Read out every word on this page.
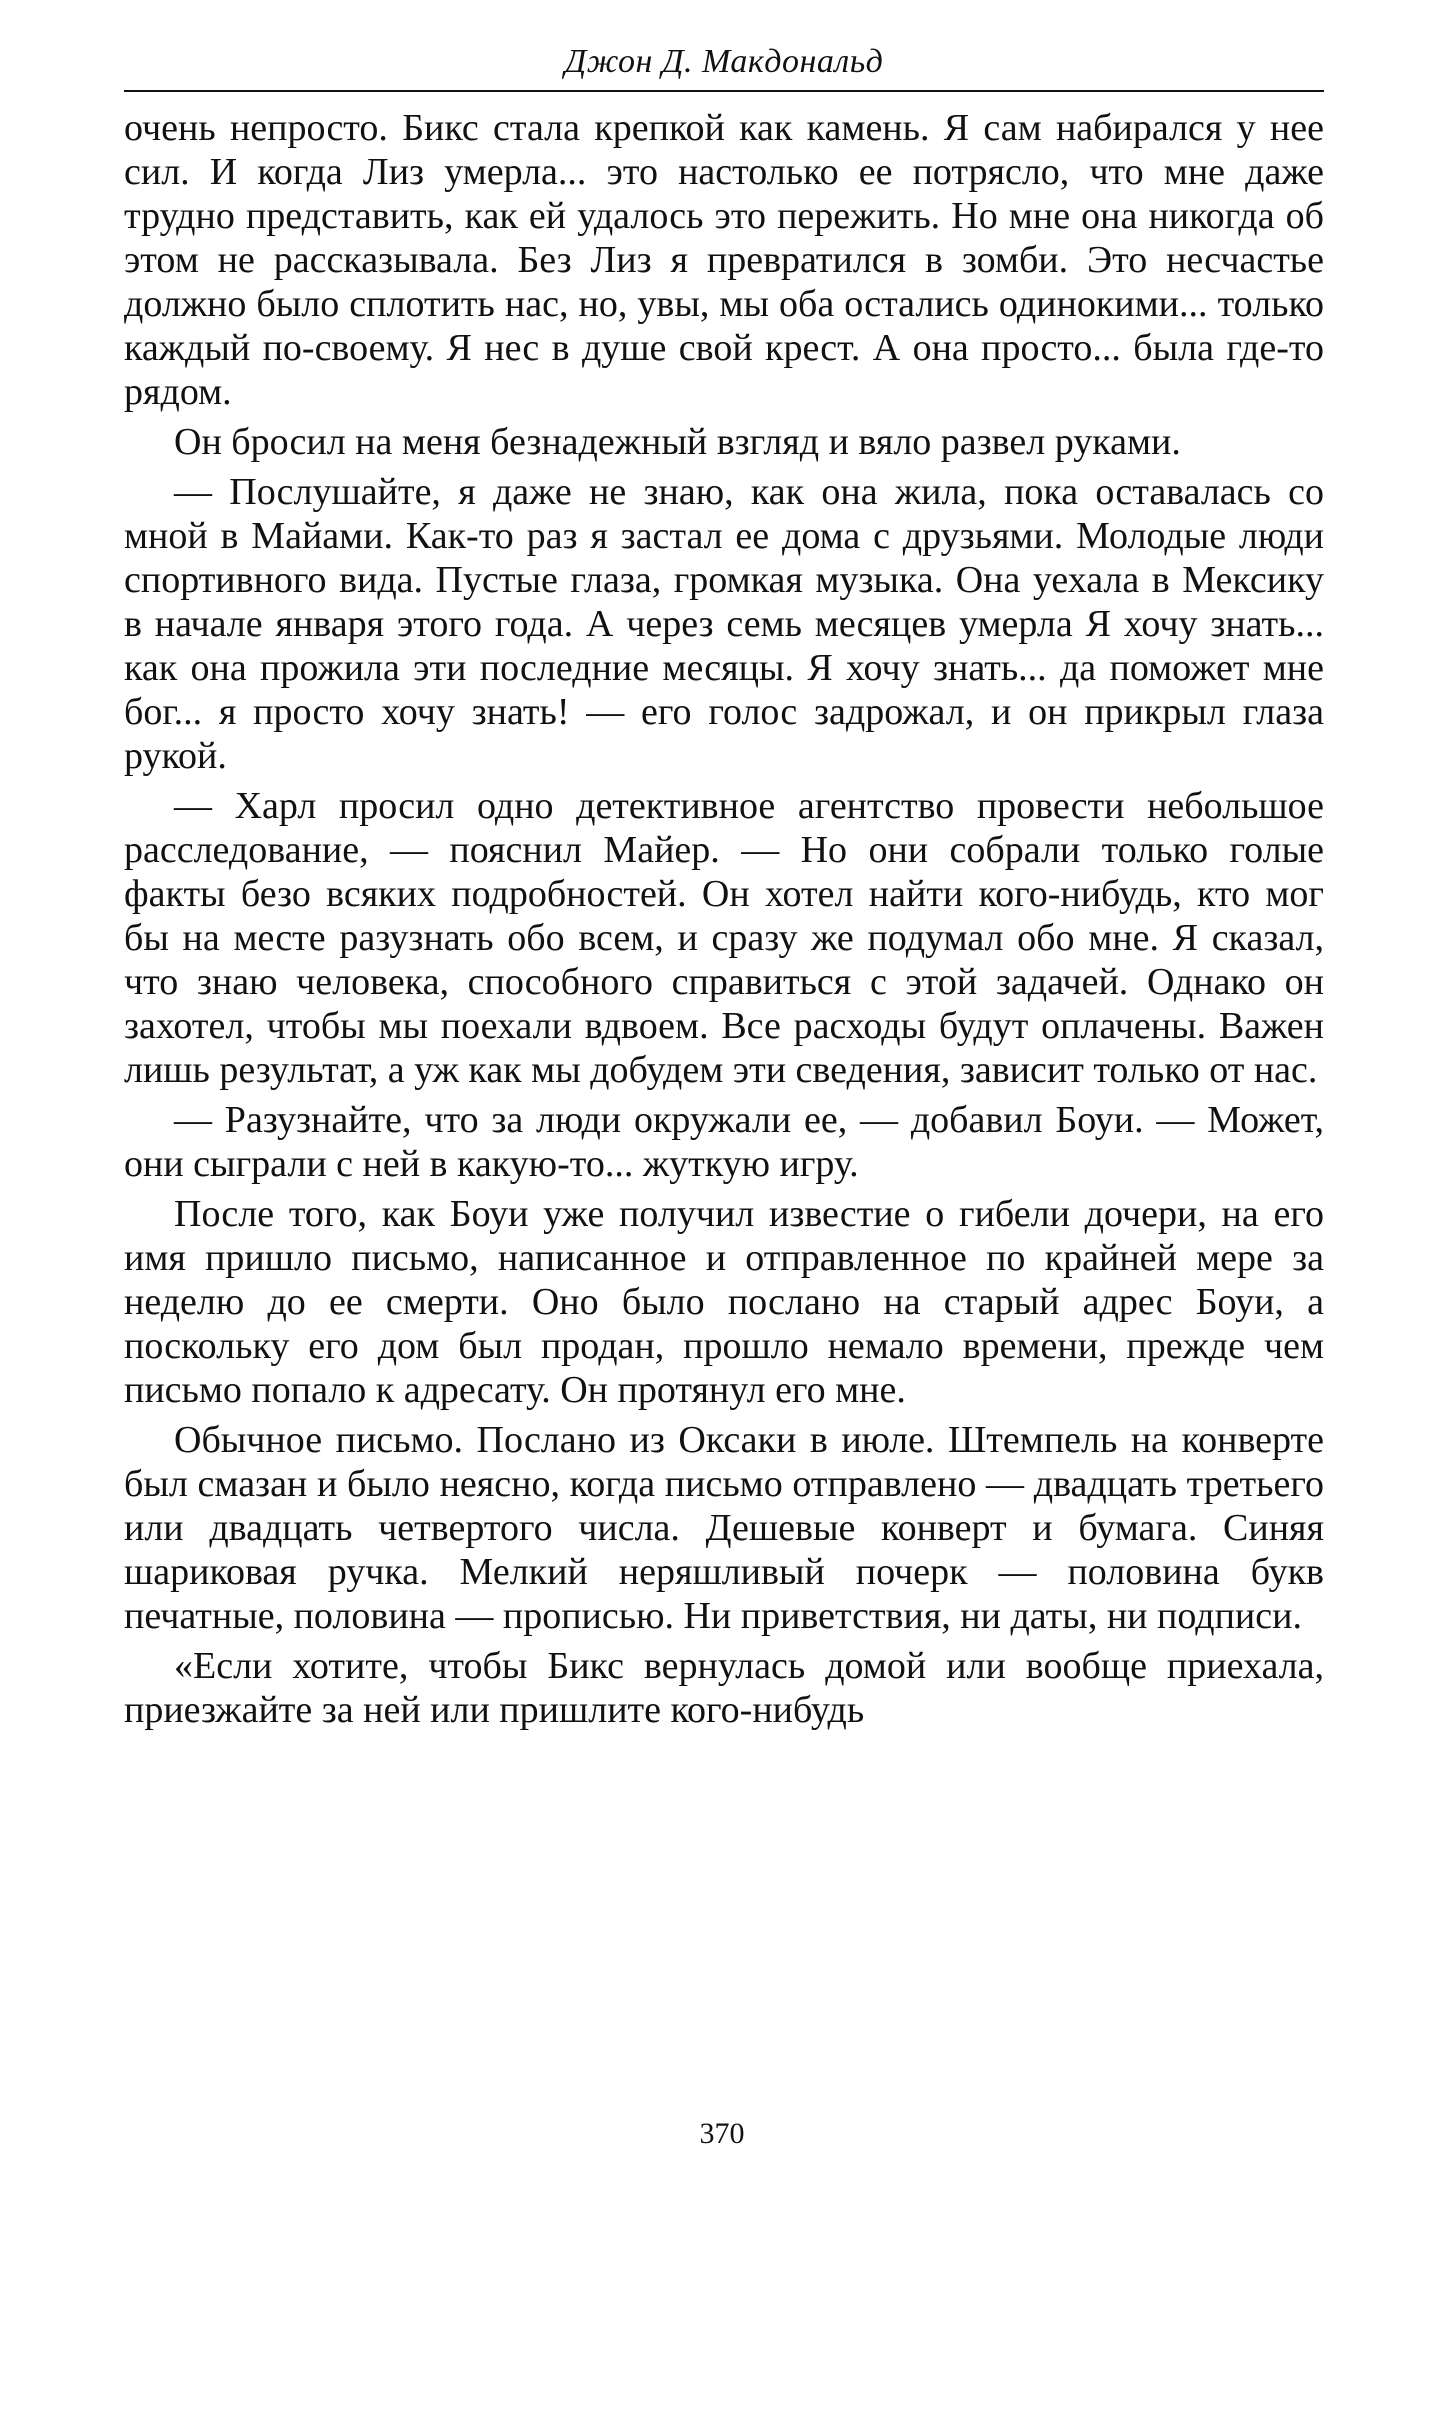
Джон Д. Макдональд

очень непросто. Бикс стала крепкой как камень. Я сам набирался у нее сил. И когда Лиз умерла... это настолько ее потрясло, что мне даже трудно представить, как ей удалось это пережить. Но мне она никогда об этом не рассказывала. Без Лиз я превратился в зомби. Это несчастье должно было сплотить нас, но, увы, мы оба остались одинокими... только каждый по-своему. Я нес в душе свой крест. А она просто... была где-то рядом.

Он бросил на меня безнадежный взгляд и вяло развел руками.

— Послушайте, я даже не знаю, как она жила, пока оставалась со мной в Майами. Как-то раз я застал ее дома с друзьями. Молодые люди спортивного вида. Пустые глаза, громкая музыка. Она уехала в Мексику в начале января этого года. А через семь месяцев умерла Я хочу знать... как она прожила эти последние месяцы. Я хочу знать... да поможет мне бог... я просто хочу знать! — его голос задрожал, и он прикрыл глаза рукой.

— Харл просил одно детективное агентство провести небольшое расследование, — пояснил Майер. — Но они собрали только голые факты безо всяких подробностей. Он хотел найти кого-нибудь, кто мог бы на месте разузнать обо всем, и сразу же подумал обо мне. Я сказал, что знаю человека, способного справиться с этой задачей. Однако он захотел, чтобы мы поехали вдвоем. Все расходы будут оплачены. Важен лишь результат, а уж как мы добудем эти сведения, зависит только от нас.

— Разузнайте, что за люди окружали ее, — добавил Боуи. — Может, они сыграли с ней в какую-то... жуткую игру.

После того, как Боуи уже получил известие о гибели дочери, на его имя пришло письмо, написанное и отправленное по крайней мере за неделю до ее смерти. Оно было послано на старый адрес Боуи, а поскольку его дом был продан, прошло немало времени, прежде чем письмо попало к адресату. Он протянул его мне.

Обычное письмо. Послано из Оксаки в июле. Штемпель на конверте был смазан и было неясно, когда письмо отправлено — двадцать третьего или двадцать четвертого числа. Дешевые конверт и бумага. Синяя шариковая ручка. Мелкий неряшливый почерк — половина букв печатные, половина — прописью. Ни приветствия, ни даты, ни подписи.

«Если хотите, чтобы Бикс вернулась домой или вообще приехала, приезжайте за ней или пришлите кого-нибудь

370
